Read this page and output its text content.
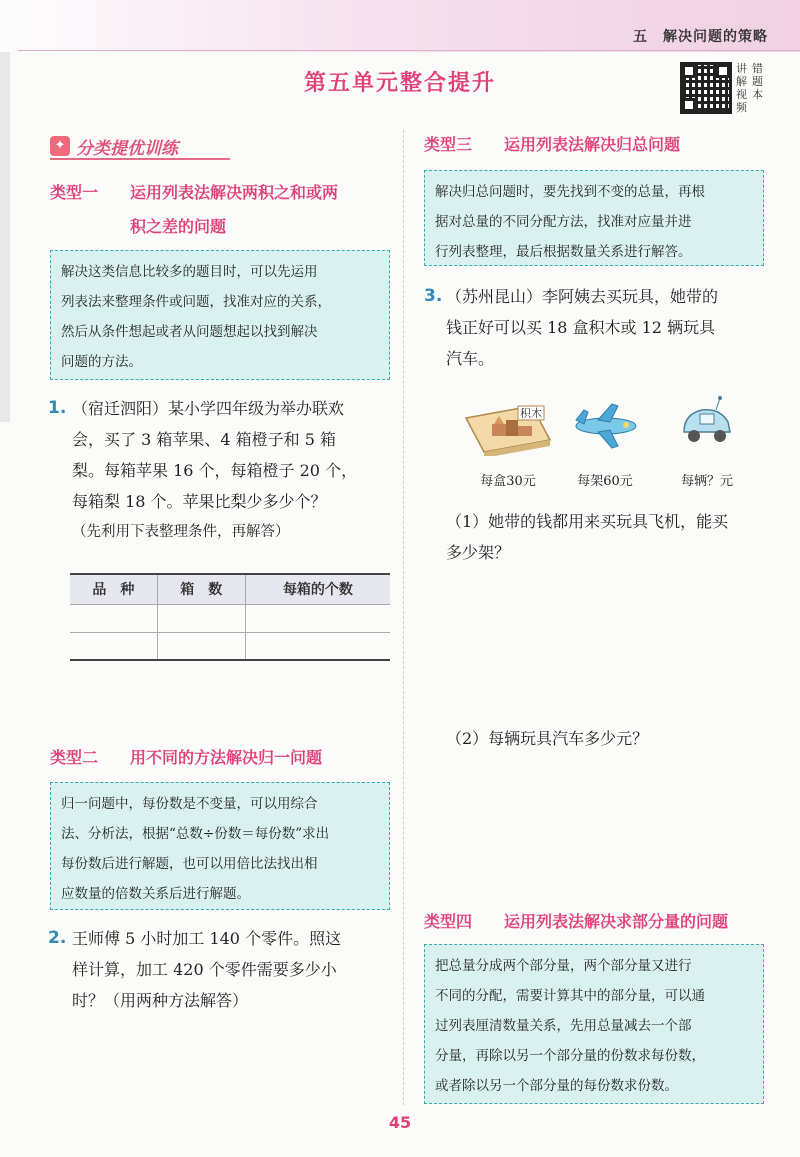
五　解决问题的策略
第五单元整合提升
讲解视频
错题本
✦ 分类提优训练
类型一 运用列表法解决两积之和或两
积之差的问题
解决这类信息比较多的题目时，可以先运用
列表法来整理条件或问题，找准对应的关系，
然后从条件想起或者从问题想起以找到解决
问题的方法。
1. （宿迁泗阳）某小学四年级为举办联欢
会，买了 3 箱苹果、4 箱橙子和 5 箱
梨。每箱苹果 16 个，每箱橙子 20 个，
每箱梨 18 个。苹果比梨少多少个？
（先利用下表整理条件，再解答）
品　种	箱　数	每箱的个数

类型二 用不同的方法解决归一问题
归一问题中，每份数是不变量，可以用综合
法、分析法，根据“总数÷份数＝每份数”求出
每份数后进行解题，也可以用倍比法找出相
应数量的倍数关系后进行解题。
2. 王师傅 5 小时加工 140 个零件。照这
样计算，加工 420 个零件需要多少小
时？（用两种方法解答）
类型三 运用列表法解决归总问题
解决归总问题时，要先找到不变的总量，再根
据对总量的不同分配方法，找准对应量并进
行列表整理，最后根据数量关系进行解答。
3. （苏州昆山）李阿姨去买玩具，她带的
钱正好可以买 18 盒积木或 12 辆玩具
汽车。
积木
每盒30元	每架60元	每辆？元
（1）她带的钱都用来买玩具飞机，能买
多少架？
（2）每辆玩具汽车多少元？
类型四 运用列表法解决求部分量的问题
把总量分成两个部分量，两个部分量又进行
不同的分配，需要计算其中的部分量，可以通
过列表厘清数量关系，先用总量减去一个部
分量，再除以另一个部分量的份数求每份数，
或者除以另一个部分量的每份数求份数。
45
